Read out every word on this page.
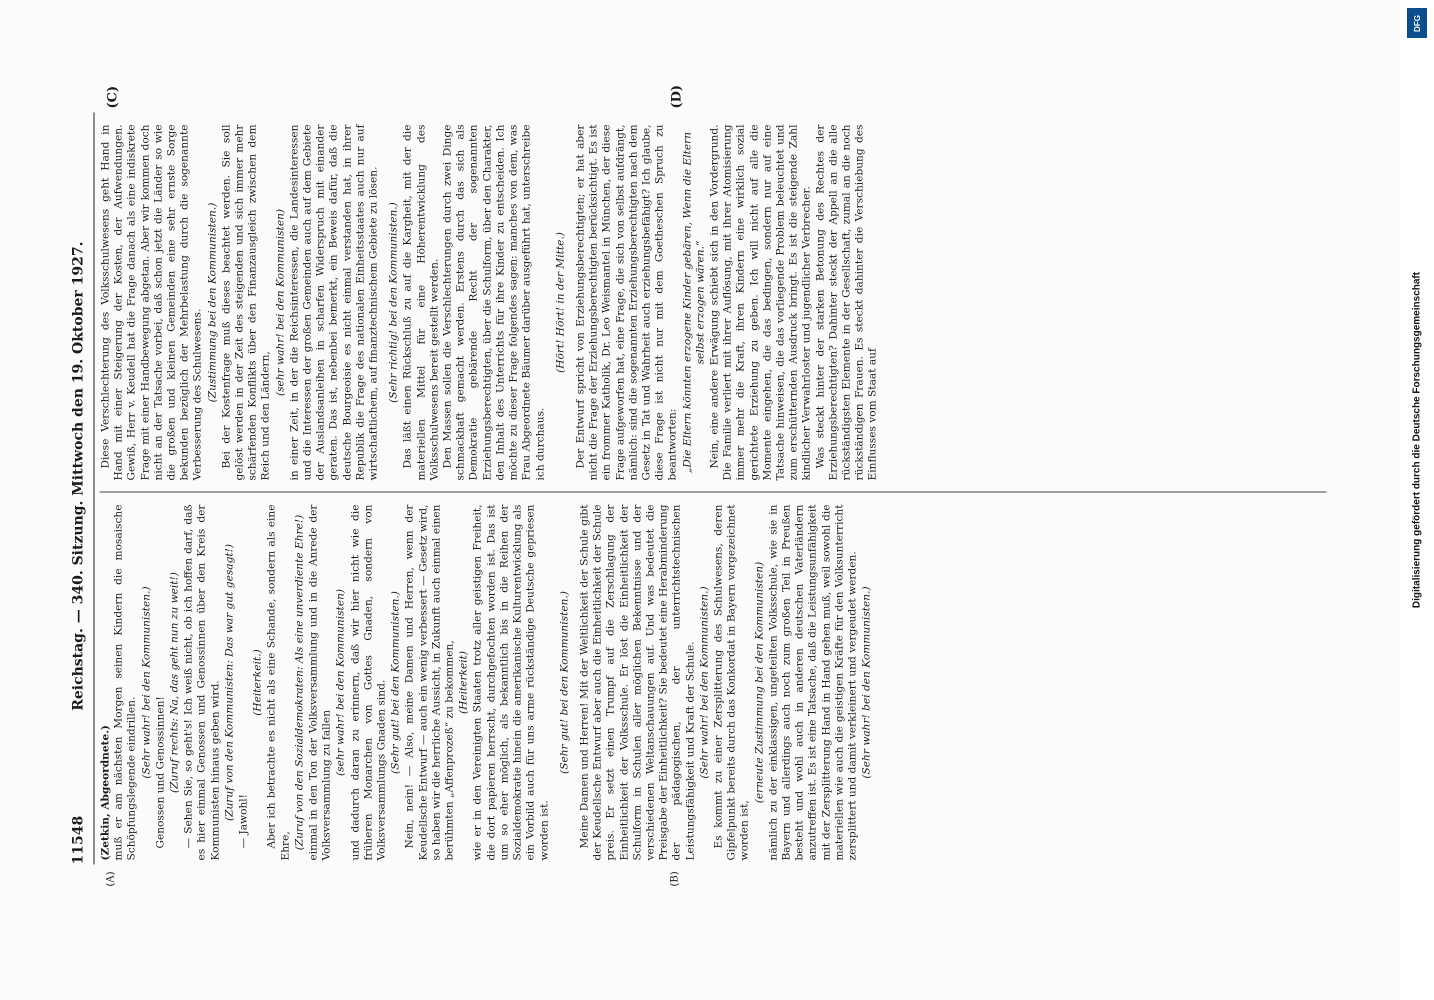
11548
Reichstag. — 340. Sitzung. Mittwoch den 19. Oktober 1927.
(A)	(B)
(C)	(D)

(Zetkin, Abgeordnete.) muß er am nächsten Morgen seinen Kindern die mosaische Schöpfungslegende eindrillen. (Sehr wahr! bei den Kommunisten.) Genossen und Genossinnen! (Zuruf rechts: Na, das geht nun zu weit!) — Sehen Sie, so geht's! Ich weiß nicht, ob ich hoffen darf, daß es hier einmal Genossen und Genossinnen über den Kreis der Kommunisten hinaus geben wird. (Zuruf von den Kommunisten: Das war gut gesagt!)

— Jawohl!

(Heiterkeit.) Aber ich betrachte es nicht als eine Schande, sondern als eine Ehre, (Zuruf von den Sozialdemokraten: Als eine unverdiente Ehre!) einmal in den Ton der Volksversammlung und in die Anrede der Volksversammlung zu fallen

(sehr wahr! bei den Kommunisten) und dadurch daran zu erinnern, daß wir hier nicht wie die früheren Monarchen von Gottes Gnaden, sondern von Volksversammlungs Gnaden sind. (Sehr gut! bei den Kommunisten.) Nein, nein! — Also, meine Damen und Herren, wenn der Keudellsche Entwurf — auch ein wenig verbessert — Gesetz wird, so haben wir die herrliche Aussicht, in Zukunft auch einmal einen berühmten „Affenprozeß“ zu bekommen, (Heiterkeit) wie er in den Vereinigten Staaten trotz aller geistigen Freiheit, die dort papieren herrscht, durchgefochten worden ist. Das ist um so eher möglich, als bekanntlich bis in die Reihen der Sozialdemokratie hinein die amerikanische Kulturentwicklung als ein Vorbild auch für uns arme rückständige Deutsche gepriesen worden ist.

(Sehr gut! bei den Kommunisten.) Meine Damen und Herren! Mit der Weltlichkeit der Schule gibt der Keudellsche Entwurf aber auch die Einheitlichkeit der Schule preis. Er setzt einen Trumpf auf die Zerschlagung der Einheitlichkeit der Volksschule. Er löst die Einheitlichkeit der Schulform in Schulen aller möglichen Bekenntnisse und der verschiedenen Weltanschauungen auf. Und was bedeutet die Preisgabe der Einheitlichkeit? Sie bedeutet eine Herabminderung der pädagogischen, der unterrichtstechnischen Leistungsfähigkeit und Kraft der Schule. (Sehr wahr! bei den Kommunisten.) Es kommt zu einer Zersplitterung des Schulwesens, deren Gipfelpunkt bereits durch das Konkordat in Bayern vorgezeichnet worden ist,

(erneute Zustimmung bei den Kommunisten) nämlich zu der einklassigen, ungeteilten Volksschule, wie sie in Bayern und allerdings auch noch zum großen Teil in Preußen besteht und wohl auch in anderen deutschen Vaterländern anzutreffen ist. Es ist eine Tatsache, daß die Leistungsunfähigkeit mit der Zersplitterung Hand in Hand gehen muß, weil sowohl die materiellen wie auch die geistigen Kräfte für den Volksunterricht zersplittert und damit verkleinert und vergeudet werden. (Sehr wahr! bei den Kommunisten.)

Diese Verschlechterung des Volksschulwesens geht Hand in Hand mit einer Steigerung der Kosten, der Aufwendungen. Gewiß, Herr v. Keudell hat die Frage danach als eine indiskrete Frage mit einer Handbewegung abgetan. Aber wir kommen doch nicht an der Tatsache vorbei, daß schon jetzt die Länder so wie die großen und kleinen Gemeinden eine sehr ernste Sorge bekunden bezüglich der Mehrbelastung durch die sogenannte Verbesserung des Schulwesens. (Zustimmung bei den Kommunisten.) Bei der Kostenfrage muß dieses beachtet werden. Sie soll gelöst werden in der Zeit des steigenden und sich immer mehr schärfenden Konflikts über den Finanzausgleich zwischen dem Reich und den Ländern,

(sehr wahr! bei den Kommunisten) in einer Zeit, in der die Reichsinteressen, die Landesinteressen und die Interessen der großen Gemeinden auch auf dem Gebiete der Auslandsanleihen in scharfen Widerspruch mit einander geraten. Das ist, nebenbei bemerkt, ein Beweis dafür, daß die deutsche Bourgeoisie es nicht einmal verstanden hat, in ihrer Republik die Frage des nationalen Einheitsstaates auch nur auf wirtschaftlichem, auf finanztechnischem Gebiete zu lösen. (Sehr richtig! bei den Kommunisten.) Das läßt einen Rückschluß zu auf die Kargheit, mit der die materiellen Mittel für eine Höherentwicklung des Volksschulwesens bereit gestellt werden. Den Massen sollen die Verschlechterungen durch zwei Dinge schmackhaft gemacht werden. Erstens durch das sich als Demokratie gebärende Recht der sogenannten Erziehungsberechtigten, über die Schulform, über den Charakter, den Inhalt des Unterrichts für ihre Kinder zu entscheiden. Ich möchte zu dieser Frage folgendes sagen: manches von dem, was Frau Abgeordnete Bäumer darüber ausgeführt hat, unterschreibe ich durchaus.

(Hört! Hört! in der Mitte.) Der Entwurf spricht von Erziehungsberechtigten; er hat aber nicht die Frage der Erziehungsberechtigten berücksichtigt. Es ist ein frommer Katholik, Dr. Leo Weismantel in München, der diese Frage aufgeworfen hat, eine Frage, die sich von selbst aufdrängt, nämlich: sind die sogenannten Erziehungsberechtigten nach dem Gesetz in Tat und Wahrheit auch erziehungsbefähigt? Ich glaube, diese Frage ist nicht nur mit dem Goetheschen Spruch zu beantworten: „Die Eltern könnten erzogene Kinder gebären, Wenn die Eltern selbst erzogen wären.“ Nein, eine andere Erwägung schiebt sich in den Vordergrund. Die Familie verliert mit ihrer Auflösung, mit ihrer Atomisierung immer mehr die Kraft, ihren Kindern eine wirklich sozial gerichtete Erziehung zu geben. Ich will nicht auf alle die Momente eingehen, die das bedingen, sondern nur auf eine Tatsache hinweisen, die das vorliegende Problem beleuchtet und zum erschütternden Ausdruck bringt. Es ist die steigende Zahl kindlicher Verwahrloster und jugendlicher Verbrecher. Was steckt hinter der starken Betonung des Rechtes der Erziehungsberechtigten? Dahinter steckt der Appell an die alle rückständigsten Elemente in der Gesellschaft, zumal an die noch rückständigen Frauen. Es steckt dahinter die Verschiebung des Einflusses vom Staat auf

DFG
Digitalisierung gefördert durch die Deutsche Forschungsgemeinschaft
